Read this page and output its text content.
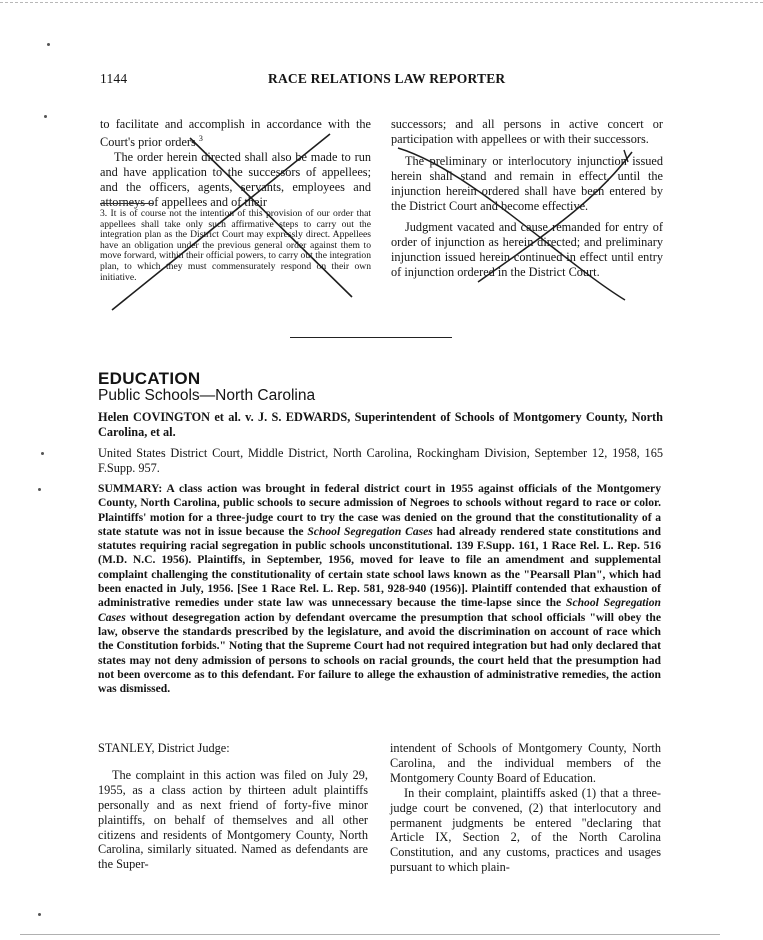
1144	RACE RELATIONS LAW REPORTER

to facilitate and accomplish in accordance with the Court's prior orders.$^3$

The order herein directed shall also be made to run and have application to the successors of appellees; and the officers, agents, servants, employees and attorneys of appellees and of their

3. It is of course not the intention of this provision of our order that appellees shall take only such affirmative steps to carry out the integration plan as the District Court may expressly direct. Appellees have an obligation under the previous general order against them to move forward, within their official powers, to carry out the integration plan, to which they must commensurately respond on their own initiative.

successors; and all persons in active concert or participation with appellees or with their successors.

The preliminary or interlocutory injunction issued herein shall stand and remain in effect, until the injunction herein ordered shall have been entered by the District Court and become effective.

Judgment vacated and cause remanded for entry of order of injunction as herein directed; and preliminary injunction issued herein continued in effect until entry of injunction ordered in the District Court.

EDUCATION
Public Schools—North Carolina
Helen COVINGTON et al. v. J. S. EDWARDS, Superintendent of Schools of Montgomery County, North Carolina, et al.
United States District Court, Middle District, North Carolina, Rockingham Division, September 12, 1958, 165 F.Supp. 957.
SUMMARY: A class action was brought in federal district court in 1955 against officials of the Montgomery County, North Carolina, public schools to secure admission of Negroes to schools without regard to race or color. Plaintiffs' motion for a three-judge court to try the case was denied on the ground that the constitutionality of a state statute was not in issue because the School Segregation Cases had already rendered state constitutions and statutes requiring racial segregation in public schools unconstitutional. 139 F.Supp. 161, 1 Race Rel. L. Rep. 516 (M.D. N.C. 1956). Plaintiffs, in September, 1956, moved for leave to file an amendment and supplemental complaint challenging the constitutionality of certain state school laws known as the "Pearsall Plan", which had been enacted in July, 1956. [See 1 Race Rel. L. Rep. 581, 928-940 (1956)]. Plaintiff contended that exhaustion of administrative remedies under state law was unnecessary because the time-lapse since the School Segregation Cases without desegregation action by defendant overcame the presumption that school officials "will obey the law, observe the standards prescribed by the legislature, and avoid the discrimination on account of race which the Constitution forbids." Noting that the Supreme Court had not required integration but had only declared that states may not deny admission of persons to schools on racial grounds, the court held that the presumption had not been overcome as to this defendant. For failure to allege the exhaustion of administrative remedies, the action was dismissed.

STANLEY, District Judge:

The complaint in this action was filed on July 29, 1955, as a class action by thirteen adult plaintiffs personally and as next friend of forty-five minor plaintiffs, on behalf of themselves and all other citizens and residents of Montgomery County, North Carolina, similarly situated. Named as defendants are the Super-

intendent of Schools of Montgomery County, North Carolina, and the individual members of the Montgomery County Board of Education.

In their complaint, plaintiffs asked (1) that a three-judge court be convened, (2) that interlocutory and permanent judgments be entered "declaring that Article IX, Section 2, of the North Carolina Constitution, and any customs, practices and usages pursuant to which plain-
